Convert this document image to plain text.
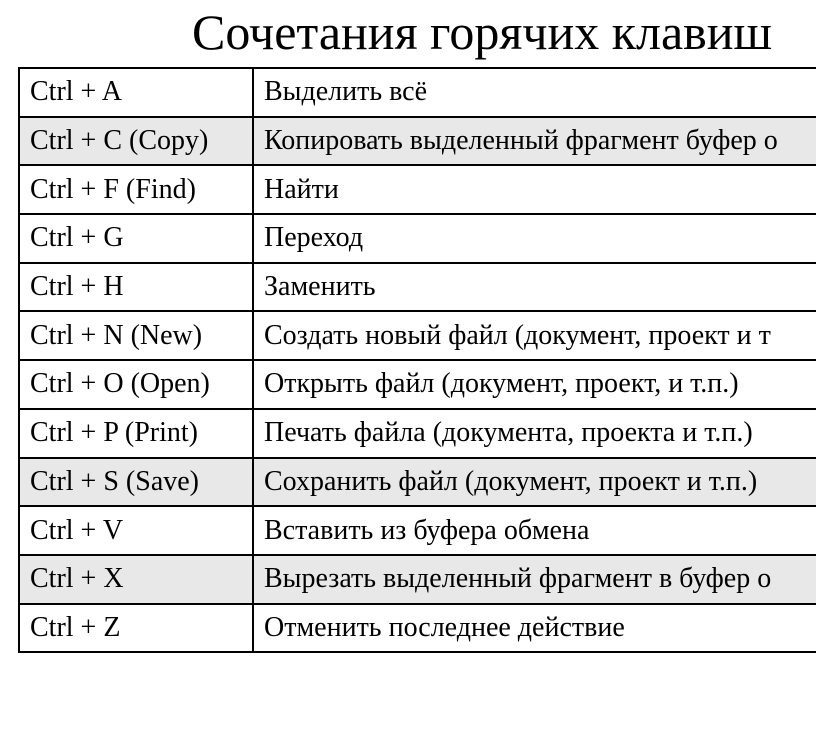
Сочетания горячих клавиш
Ctrl + A	Выделить всё
Ctrl + C (Copy)	Копировать выделенный фрагмент буфер о
Ctrl + F (Find)	Найти
Ctrl + G	Переход
Ctrl + H	Заменить
Ctrl + N (New)	Создать новый файл (документ, проект и т
Ctrl + O (Open)	Открыть файл (документ, проект, и т.п.)
Ctrl + P (Print)	Печать файла (документа, проекта и т.п.)
Ctrl + S (Save)	Сохранить файл (документ, проект и т.п.)
Ctrl + V	Вставить из буфера обмена
Ctrl + X	Вырезать выделенный фрагмент в буфер о
Ctrl + Z	Отменить последнее действие
